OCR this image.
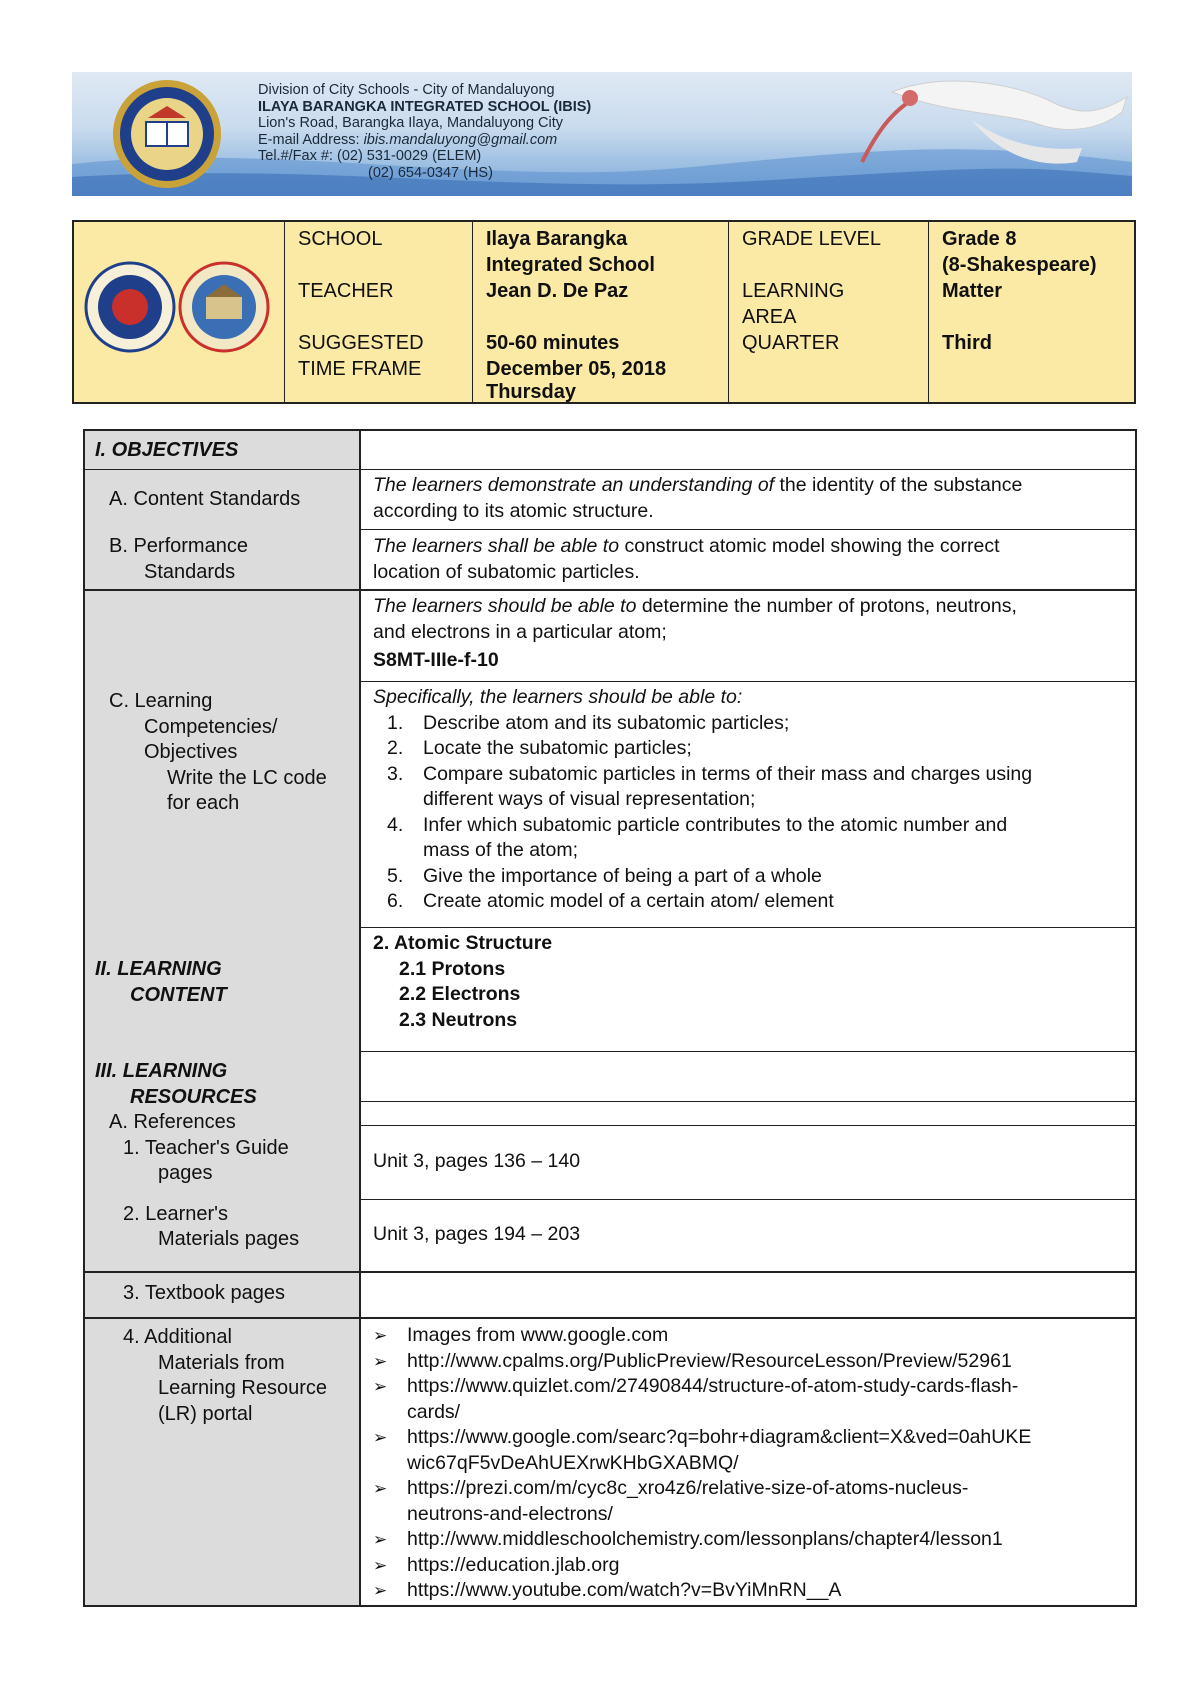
Division of City Schools - City of Mandaluyong
ILAYA BARANGKA INTEGRATED SCHOOL (IBIS)
Lion's Road, Barangka Ilaya, Mandaluyong City
E-mail Address: ibis.mandaluyong@gmail.com
Tel.#/Fax #: (02) 531-0029 (ELEM)
(02) 654-0347 (HS)
SCHOOL
TEACHER
SUGGESTED
TIME FRAME
Ilaya Barangka
Integrated School
Jean D. De Paz
50-60 minutes
December 05, 2018
Thursday
GRADE LEVEL
LEARNING
AREA
QUARTER
Grade 8
(8-Shakespeare)
Matter
Third
I. OBJECTIVES
A. Content Standards
The learners demonstrate an understanding of the identity of the substance
according to its atomic structure.
B. Performance
Standards
The learners shall be able to construct atomic model showing the correct
location of subatomic particles.
C. Learning
Competencies/
Objectives
Write the LC code
for each
The learners should be able to determine the number of protons, neutrons,
and electrons in a particular atom;
S8MT-IIIe-f-10
Specifically, the learners should be able to:
1. Describe atom and its subatomic particles;
2. Locate the subatomic particles;
3. Compare subatomic particles in terms of their mass and charges using
different ways of visual representation;
4. Infer which subatomic particle contributes to the atomic number and
mass of the atom;
5. Give the importance of being a part of a whole
6. Create atomic model of a certain atom/ element
II. LEARNING
CONTENT
2. Atomic Structure
2.1 Protons
2.2 Electrons
2.3 Neutrons
III. LEARNING
RESOURCES
A. References
1. Teacher's Guide
pages
2. Learner's
Materials pages
Unit 3, pages 136 – 140
Unit 3, pages 194 – 203
3. Textbook pages
4. Additional
Materials from
Learning Resource
(LR) portal
➢ Images from www.google.com
➢ http://www.cpalms.org/PublicPreview/ResourceLesson/Preview/52961
➢ https://www.quizlet.com/27490844/structure-of-atom-study-cards-flash-
cards/
➢ https://www.google.com/searc?q=bohr+diagram&client=X&ved=0ahUKE
wic67qF5vDeAhUEXrwKHbGXABMQ/
➢ https://prezi.com/m/cyc8c_xro4z6/relative-size-of-atoms-nucleus-
neutrons-and-electrons/
➢ http://www.middleschoolchemistry.com/lessonplans/chapter4/lesson1
➢ https://education.jlab.org
➢ https://www.youtube.com/watch?v=BvYiMnRN__A
